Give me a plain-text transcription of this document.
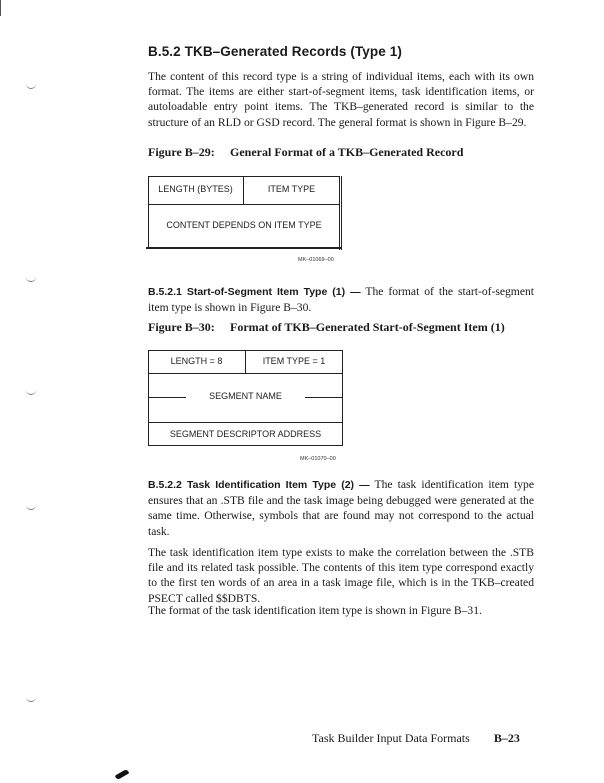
B.5.2 TKB–Generated Records (Type 1)
The content of this record type is a string of individual items, each with its own format. The items are either start-of-segment items, task identification items, or autoloadable entry point items. The TKB–generated record is similar to the structure of an RLD or GSD record. The general format is shown in Figure B–29.
Figure B–29: General Format of a TKB–Generated Record
LENGTH (BYTES)	ITEM TYPE
CONTENT DEPENDS ON ITEM TYPE
MK–01069–00
B.5.2.1 Start-of-Segment Item Type (1) — The format of the start-of-segment item type is shown in Figure B–30.
Figure B–30: Format of TKB–Generated Start-of-Segment Item (1)
LENGTH = 8	ITEM TYPE = 1
SEGMENT NAME
SEGMENT DESCRIPTOR ADDRESS
MK–01070–00
B.5.2.2 Task Identification Item Type (2) — The task identification item type ensures that an .STB file and the task image being debugged were generated at the same time. Otherwise, symbols that are found may not correspond to the actual task.
The task identification item type exists to make the correlation between the .STB file and its related task possible. The contents of this item type correspond exactly to the first ten words of an area in a task image file, which is in the TKB–created PSECT called $$DBTS.
The format of the task identification item type is shown in Figure B–31.
Task Builder Input Data Formats B–23
